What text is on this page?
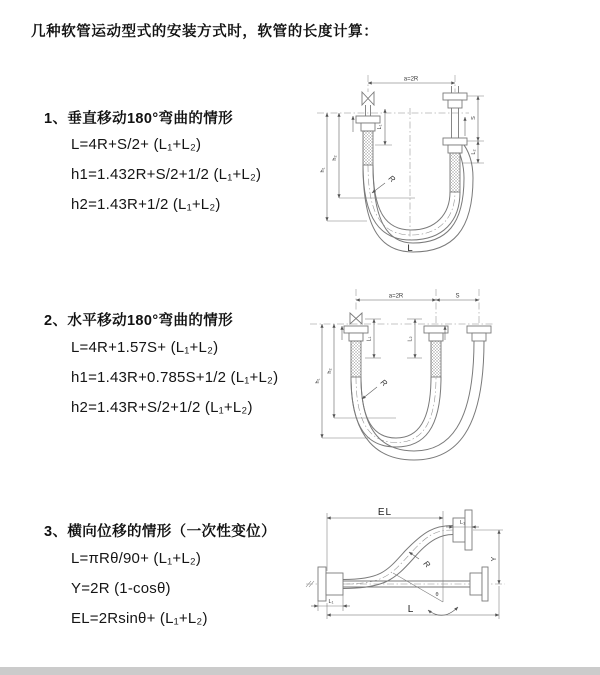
几种软管运动型式的安装方式时，软管的长度计算：
1、垂直移动180°弯曲的情形
L=4R+S/2+ (L₁+L₂)
h1=1.432R+S/2+1/2 (L₁+L₂)
h2=1.43R+1/2 (L₁+L₂)
a=2R
L₁
S
L₂
h₁
h₂
R
L
2、水平移动180°弯曲的情形
L=4R+1.57S+ (L₁+L₂)
h1=1.43R+0.785S+1/2 (L₁+L₂)
h2=1.43R+S/2+1/2 (L₁+L₂)
a=2R	S
L₁	L₂
h₁
h₂
R
3、横向位移的情形（一次性变位）
L=πRθ/90+ (L₁+L₂)
Y=2R (1-cosθ)
EL=2Rsinθ+ (L₁+L₂)
EL
L₁
θ
R
Y
L
L₁
